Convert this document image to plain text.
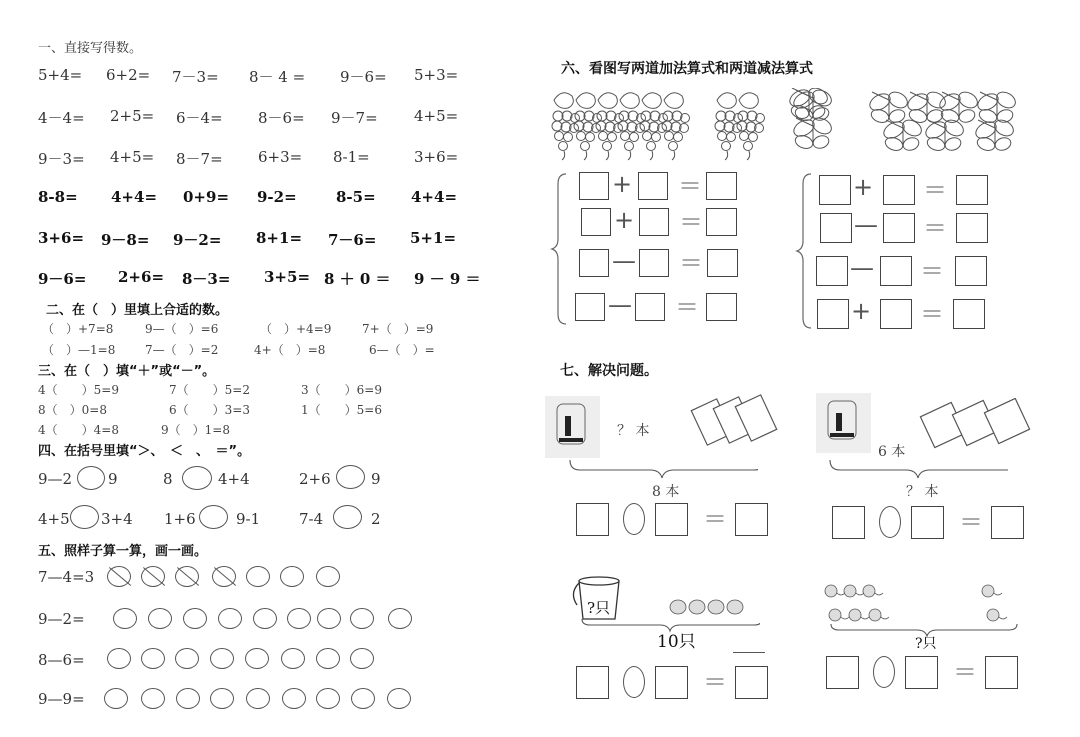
一、直接写得数。
5+4= 6+2= 7－3= 8－ 4 = 9－6= 5+3=
4－4= 2+5= 6－4= 8－6= 9－7= 4+5=
9－3= 4+5= 8－7= 6+3= 8-1=	3+6=
8-8= 4+4= 0+9= 9-2=	8-5= 4+4=
3+6= 9－8= 9－2= 8+1= 7－6= 5+1=
9－6= 2+6= 8－3= 3+5= 8 ＋ 0 ＝ 9 － 9 ＝
二、在（　）里填上合适的数。
（　）+7=8	9—（　）=6	（　）+4=9	7+（　）=9
（　）—1=8 7—（　）=2	4+（　）=8	6—（　）=
三、在（　）填“＋”或“－”。
4（　　）5=9	7（　　）5=2	3（　　）6=9
8（　）0=8	6（　　）3=3	1（　　）5=6
4（　　）4=8	9（　）1=8
四、在括号里填“＞、　＜　、　＝”。
9—2 9	8	4+4	2+6	9
4+5 3+4 1+6	9-1	7-4	2
五、照样子算一算，画一画。
7—4=3
9—2=
8—6=
9—9=
六、看图写两道加法算式和两道减法算式
+ ＝
+ ＝
— ＝
— ＝
+ ＝
— ＝
— ＝
+ ＝
七、解决问题。
？ 本
8 本
6 本
？ 本
?只
10只	?只
＝	＝
＝	＝
